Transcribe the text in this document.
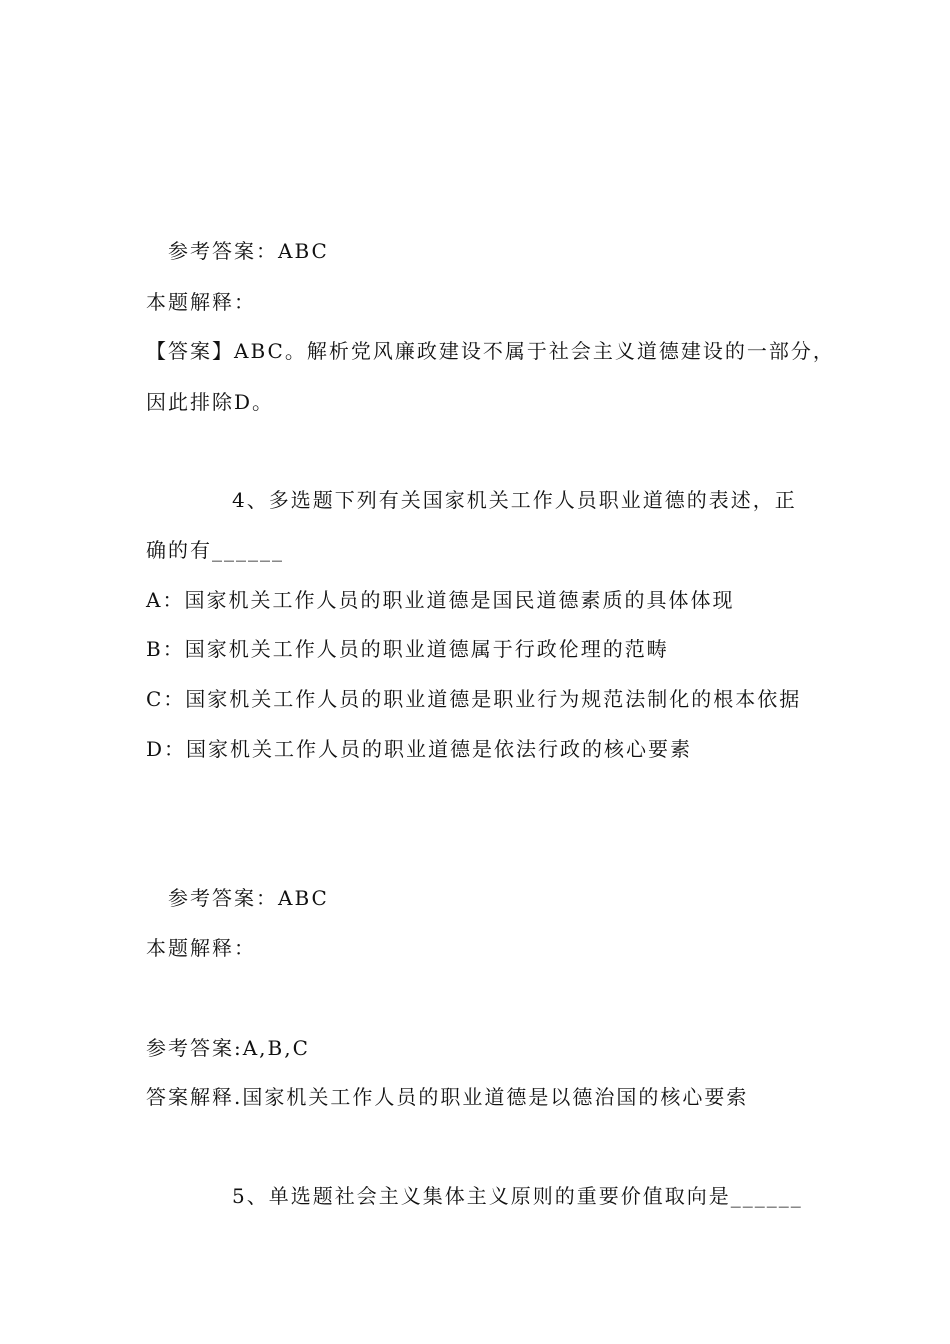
参考答案：ABC
本题解释：
【答案】ABC。解析党风廉政建设不属于社会主义道德建设的一部分，
因此排除D。
4、多选题下列有关国家机关工作人员职业道德的表述，正
确的有______
A：国家机关工作人员的职业道德是国民道德素质的具体体现
B：国家机关工作人员的职业道德属于行政伦理的范畴
C：国家机关工作人员的职业道德是职业行为规范法制化的根本依据
D：国家机关工作人员的职业道德是依法行政的核心要素
参考答案：ABC
本题解释：
参考答案:A,B,C
答案解释.国家机关工作人员的职业道德是以德治国的核心要索
5、单选题社会主义集体主义原则的重要价值取向是______
